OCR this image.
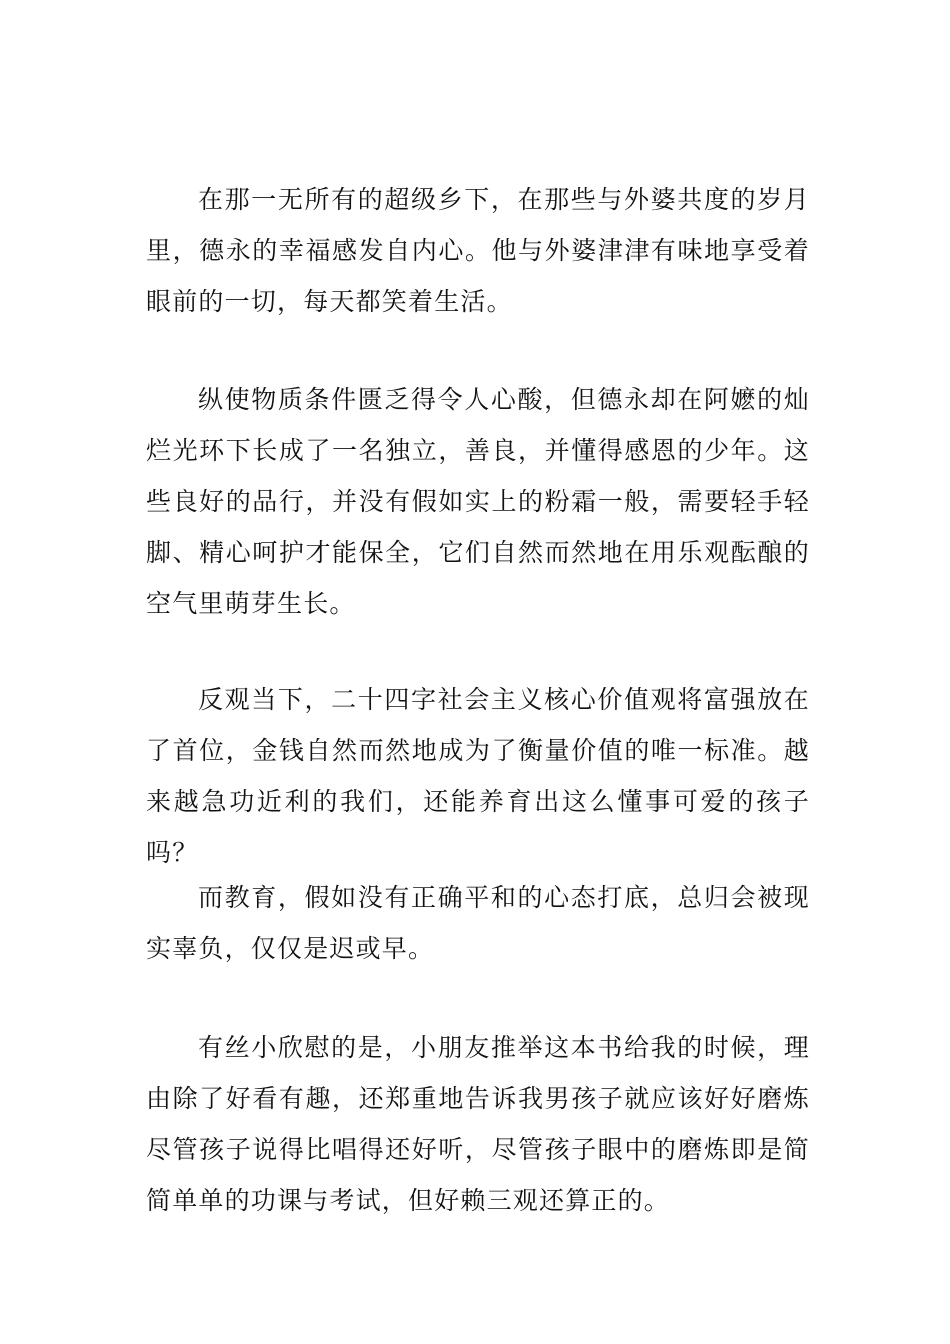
在那一无所有的超级乡下，在那些与外婆共度的岁月里，德永的幸福感发自内心。他与外婆津津有味地享受着眼前的一切，每天都笑着生活。

纵使物质条件匮乏得令人心酸，但德永却在阿嬷的灿烂光环下长成了一名独立，善良，并懂得感恩的少年。这些良好的品行，并没有假如实上的粉霜一般，需要轻手轻脚、精心呵护才能保全，它们自然而然地在用乐观酝酿的空气里萌芽生长。

反观当下，二十四字社会主义核心价值观将富强放在了首位，金钱自然而然地成为了衡量价值的唯一标准。越来越急功近利的我们，还能养育出这么懂事可爱的孩子吗？

而教育，假如没有正确平和的心态打底，总归会被现实辜负，仅仅是迟或早。

有丝小欣慰的是，小朋友推举这本书给我的时候，理由除了好看有趣，还郑重地告诉我男孩子就应该好好磨炼尽管孩子说得比唱得还好听，尽管孩子眼中的磨炼即是简简单单的功课与考试，但好赖三观还算正的。
